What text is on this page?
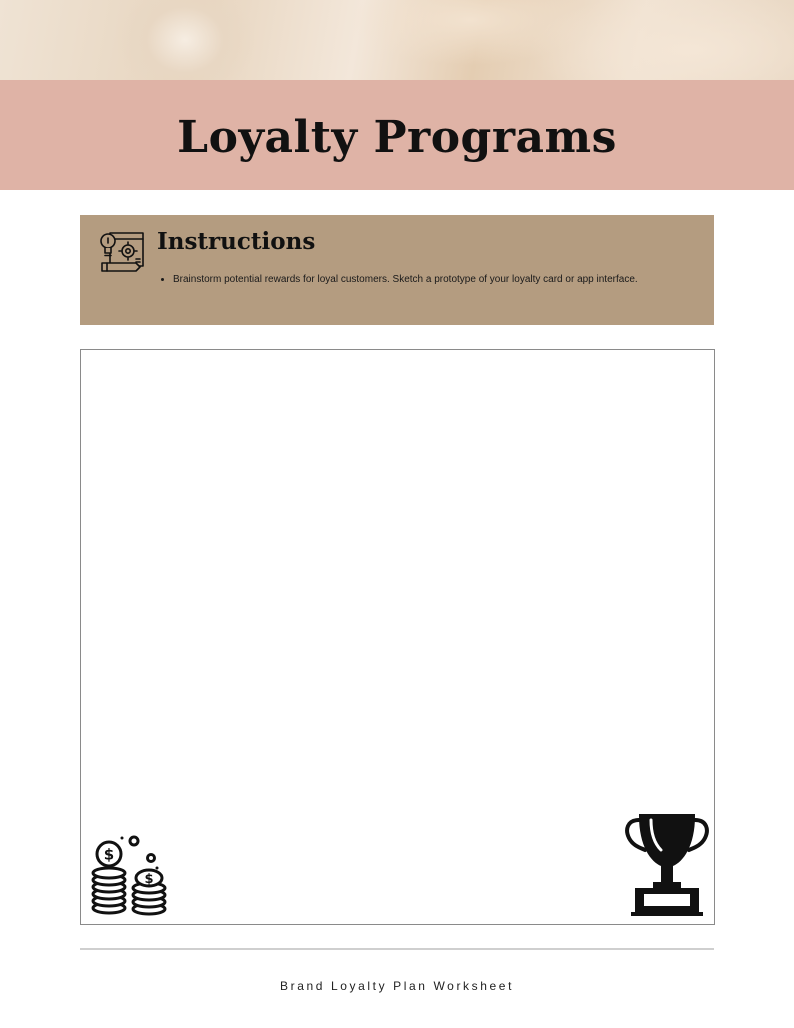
Loyalty Programs
Instructions
• Brainstorm potential rewards for loyal customers. Sketch a prototype of your loyalty card or app interface.
$
$
Brand Loyalty Plan Worksheet
